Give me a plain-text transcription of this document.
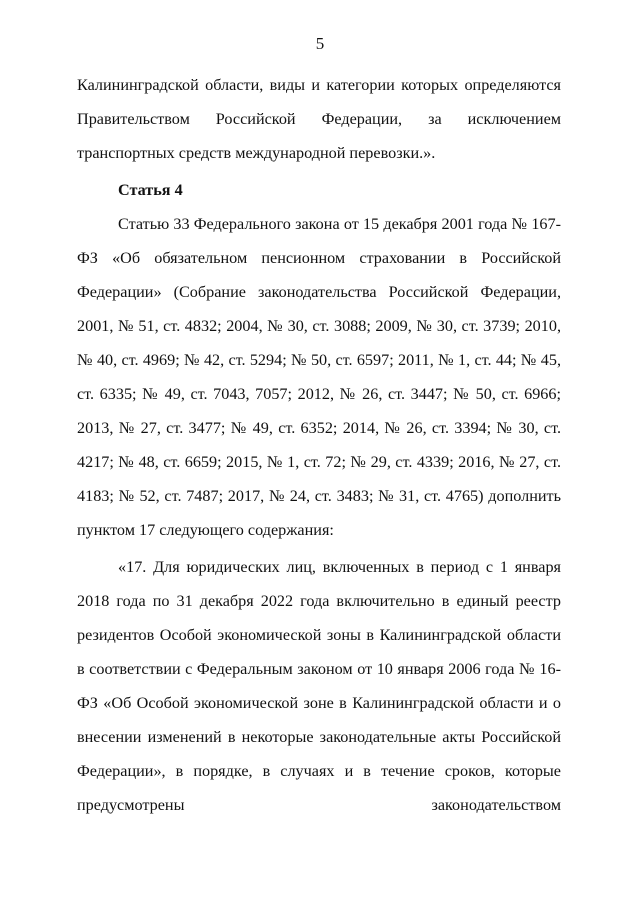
5

Калининградской области, виды и категории которых определяются Правительством Российской Федерации, за исключением транспортных средств международной перевозки.».

Статья 4

Статью 33 Федерального закона от 15 декабря 2001 года № 167-ФЗ «Об обязательном пенсионном страховании в Российской Федерации» (Собрание законодательства Российской Федерации, 2001, № 51, ст. 4832; 2004, № 30, ст. 3088; 2009, № 30, ст. 3739; 2010, № 40, ст. 4969; № 42, ст. 5294; № 50, ст. 6597; 2011, № 1, ст. 44; № 45, ст. 6335; № 49, ст. 7043, 7057; 2012, № 26, ст. 3447; № 50, ст. 6966; 2013, № 27, ст. 3477; № 49, ст. 6352; 2014, № 26, ст. 3394; № 30, ст. 4217; № 48, ст. 6659; 2015, № 1, ст. 72; № 29, ст. 4339; 2016, № 27, ст. 4183; № 52, ст. 7487; 2017, № 24, ст. 3483; № 31, ст. 4765) дополнить пунктом 17 следующего содержания:

«17. Для юридических лиц, включенных в период с 1 января 2018 года по 31 декабря 2022 года включительно в единый реестр резидентов Особой экономической зоны в Калининградской области в соответствии с Федеральным законом от 10 января 2006 года № 16-ФЗ «Об Особой экономической зоне в Калининградской области и о внесении изменений в некоторые законодательные акты Российской Федерации», в порядке, в случаях и в течение сроков, которые предусмотрены законодательством
